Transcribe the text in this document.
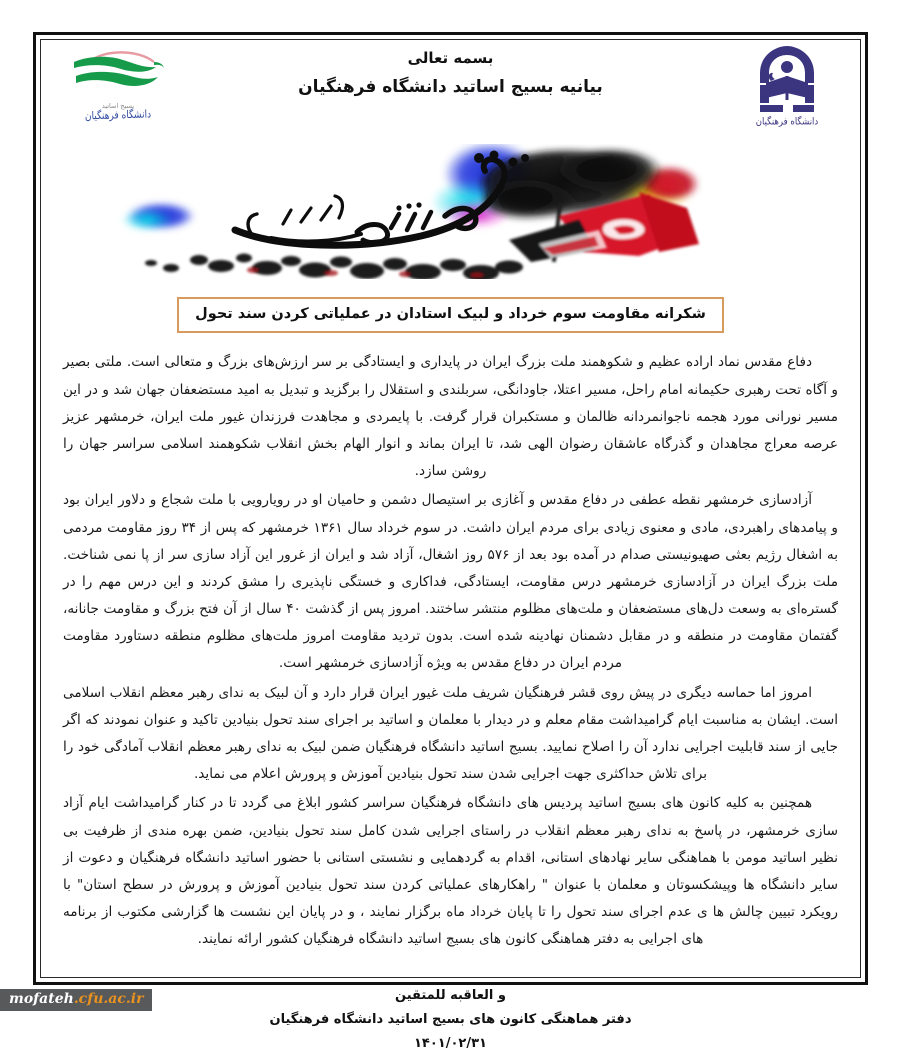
دانشگاه فرهنگیان
بسیج اساتید
دانشگاه فرهنگیان
بسمه تعالی
بیانیه بسیج اساتید دانشگاه فرهنگیان
شکرانه مقاومت سوم خرداد و لبیک استادان در عملیاتی کردن سند تحول

دفاع مقدس نماد اراده عظیم و شکوهمند ملت بزرگ ایران در پایداری و ایستادگی بر سر ارزش‌های بزرگ و متعالی است. ملتی بصیر و آگاه تحت رهبری حکیمانه امام راحل، مسیر اعتلا، جاودانگی، سربلندی و استقلال را برگزید و تبدیل به امید مستضعفان جهان شد و در این مسیر نورانی مورد هجمه ناجوانمردانه ظالمان و مستکبران قرار گرفت. با پایمردی و مجاهدت فرزندان غیور ملت ایران، خرمشهر عزیز عرصه معراج مجاهدان و گذرگاه عاشقان رضوان الهی شد، تا ایران بماند و انوار الهام بخش انقلاب شکوهمند اسلامی سراسر جهان را روشن سازد.

آزادسازی خرمشهر نقطه عطفی در دفاع مقدس و آغازی بر استیصال دشمن و حامیان او در رویارویی با ملت شجاع و دلاور ایران بود و پیامدهای راهبردی، مادی و معنوی زیادی برای مردم ایران داشت. در سوم خرداد سال ۱۳۶۱ خرمشهر که پس از ۳۴ روز مقاومت مردمی به اشغال رژیم بعثی صهیونیستی صدام در آمده بود بعد از ۵۷۶ روز اشغال، آزاد شد و ایران از غرور این آزاد سازی سر از پا نمی شناخت. ملت بزرگ ایران در آزادسازی خرمشهر درس مقاومت، ایستادگی، فداکاری و خستگی ناپذیری را مشق کردند و این درس مهم را در گستره‌ای به وسعت دل‌های مستضعفان و ملت‌های مظلوم منتشر ساختند. امروز پس از گذشت ۴۰ سال از آن فتح بزرگ و مقاومت جانانه، گفتمان مقاومت در منطقه و در مقابل دشمنان نهادینه شده است. بدون تردید مقاومت امروز ملت‌های مظلوم منطقه دستاورد مقاومت مردم ایران در دفاع مقدس به ویژه آزادسازی خرمشهر است.

امروز اما حماسه دیگری در پیش روی قشر فرهنگیان شریف ملت غیور ایران قرار دارد و آن لبیک به ندای رهبر معظم انقلاب اسلامی است. ایشان به مناسبت ایام گرامیداشت مقام معلم و در دیدار با معلمان و اساتید بر اجرای سند تحول بنیادین تاکید و عنوان نمودند که اگر جایی از سند قابلیت اجرایی ندارد آن را اصلاح نمایید. بسیج اساتید دانشگاه فرهنگیان ضمن لبیک به ندای رهبر معظم انقلاب آمادگی خود را برای تلاش حداکثری جهت اجرایی شدن سند تحول بنیادین آموزش و پرورش اعلام می نماید.

همچنین به کلیه کانون های بسیج اساتید پردیس های دانشگاه فرهنگیان سراسر کشور ابلاغ می گردد تا در کنار گرامیداشت ایام آزاد سازی خرمشهر، در پاسخ به ندای رهبر معظم انقلاب در راستای اجرایی شدن کامل سند تحول بنیادین، ضمن بهره مندی از ظرفیت بی نظیر اساتید مومن با هماهنگی سایر نهادهای استانی، اقدام به گردهمایی و نشستی استانی با حضور اساتید دانشگاه فرهنگیان و دعوت از سایر دانشگاه ها وپیشکسوتان و معلمان با عنوان " راهکارهای عملیاتی کردن سند تحول بنیادین آموزش و پرورش در سطح استان" با رویکرد تبیین چالش ها ی عدم اجرای سند تحول را تا پایان خرداد ماه برگزار نمایند ، و در پایان این نشست ها گزارشی مکتوب از برنامه های اجرایی به دفتر هماهنگی کانون های بسیج اساتید دانشگاه فرهنگیان کشور ارائه نمایند.

و العاقبه للمتقین
دفتر هماهنگی کانون های بسیج اساتید دانشگاه فرهنگیان
۱۴۰۱/۰۲/۳۱
mofateh.cfu.ac.ir
